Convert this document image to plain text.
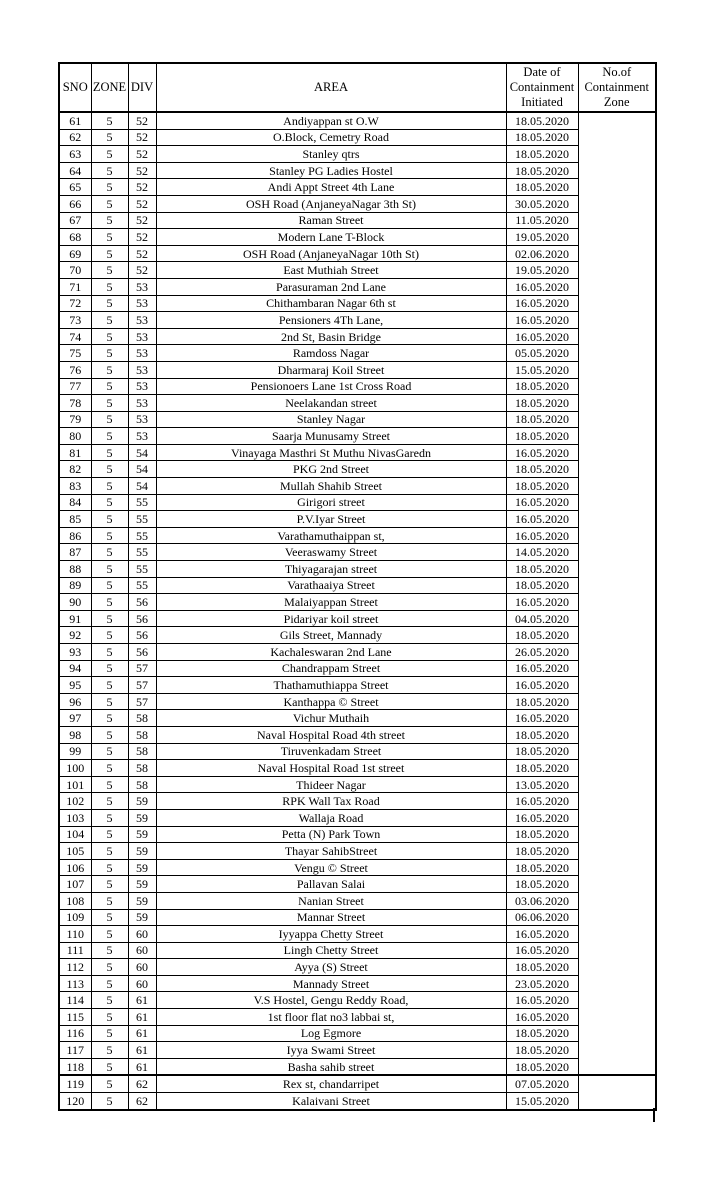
SNO	ZONE	DIV	AREA	Date of Containment Initiated	No.of Containment Zone
61	5	52	Andiyappan st O.W	18.05.2020	
62	5	52	O.Block, Cemetry Road	18.05.2020	
63	5	52	Stanley qtrs	18.05.2020	
64	5	52	Stanley PG Ladies Hostel	18.05.2020	
65	5	52	Andi Appt Street 4th Lane	18.05.2020	
66	5	52	OSH Road (AnjaneyaNagar 3th St)	30.05.2020	
67	5	52	Raman Street	11.05.2020	
68	5	52	Modern Lane T-Block	19.05.2020	
69	5	52	OSH Road (AnjaneyaNagar 10th St)	02.06.2020	
70	5	52	East Muthiah Street	19.05.2020	
71	5	53	Parasuraman 2nd Lane	16.05.2020	
72	5	53	Chithambaran Nagar 6th st	16.05.2020	
73	5	53	Pensioners 4Th Lane,	16.05.2020	
74	5	53	2nd St, Basin Bridge	16.05.2020	
75	5	53	Ramdoss Nagar	05.05.2020	
76	5	53	Dharmaraj Koil Street	15.05.2020	
77	5	53	Pensionoers Lane 1st Cross Road	18.05.2020	
78	5	53	Neelakandan street	18.05.2020	
79	5	53	Stanley Nagar	18.05.2020	
80	5	53	Saarja Munusamy Street	18.05.2020	
81	5	54	Vinayaga Masthri St Muthu NivasGaredn	16.05.2020	
82	5	54	PKG 2nd Street	18.05.2020	
83	5	54	Mullah Shahib Street	18.05.2020	
84	5	55	Girigori street	16.05.2020	
85	5	55	P.V.Iyar Street	16.05.2020	
86	5	55	Varathamuthaippan st,	16.05.2020	
87	5	55	Veeraswamy Street	14.05.2020	
88	5	55	Thiyagarajan street	18.05.2020	
89	5	55	Varathaaiya Street	18.05.2020	
90	5	56	Malaiyappan Street	16.05.2020	
91	5	56	Pidariyar koil street	04.05.2020	
92	5	56	Gils Street, Mannady	18.05.2020	
93	5	56	Kachaleswaran 2nd Lane	26.05.2020	
94	5	57	Chandrappam Street	16.05.2020	
95	5	57	Thathamuthiappa Street	16.05.2020	
96	5	57	Kanthappa © Street	18.05.2020	
97	5	58	Vichur Muthaih	16.05.2020	
98	5	58	Naval Hospital Road 4th street	18.05.2020	
99	5	58	Tiruvenkadam Street	18.05.2020	
100	5	58	Naval Hospital Road 1st street	18.05.2020	
101	5	58	Thideer Nagar	13.05.2020	
102	5	59	RPK Wall Tax Road	16.05.2020	
103	5	59	Wallaja Road	16.05.2020	
104	5	59	Petta (N) Park Town	18.05.2020	
105	5	59	Thayar SahibStreet	18.05.2020	
106	5	59	Vengu © Street	18.05.2020	
107	5	59	Pallavan Salai	18.05.2020	
108	5	59	Nanian Street	03.06.2020	
109	5	59	Mannar Street	06.06.2020	
110	5	60	Iyyappa Chetty Street	16.05.2020	
111	5	60	Lingh Chetty Street	16.05.2020	
112	5	60	Ayya (S) Street	18.05.2020	
113	5	60	Mannady Street	23.05.2020	
114	5	61	V.S Hostel, Gengu Reddy Road,	16.05.2020	
115	5	61	1st floor flat no3 labbai st,	16.05.2020	
116	5	61	Log Egmore	18.05.2020	
117	5	61	Iyya Swami Street	18.05.2020	
118	5	61	Basha sahib street	18.05.2020	
119	5	62	Rex st, chandarripet	07.05.2020	
120	5	62	Kalaivani Street	15.05.2020	
